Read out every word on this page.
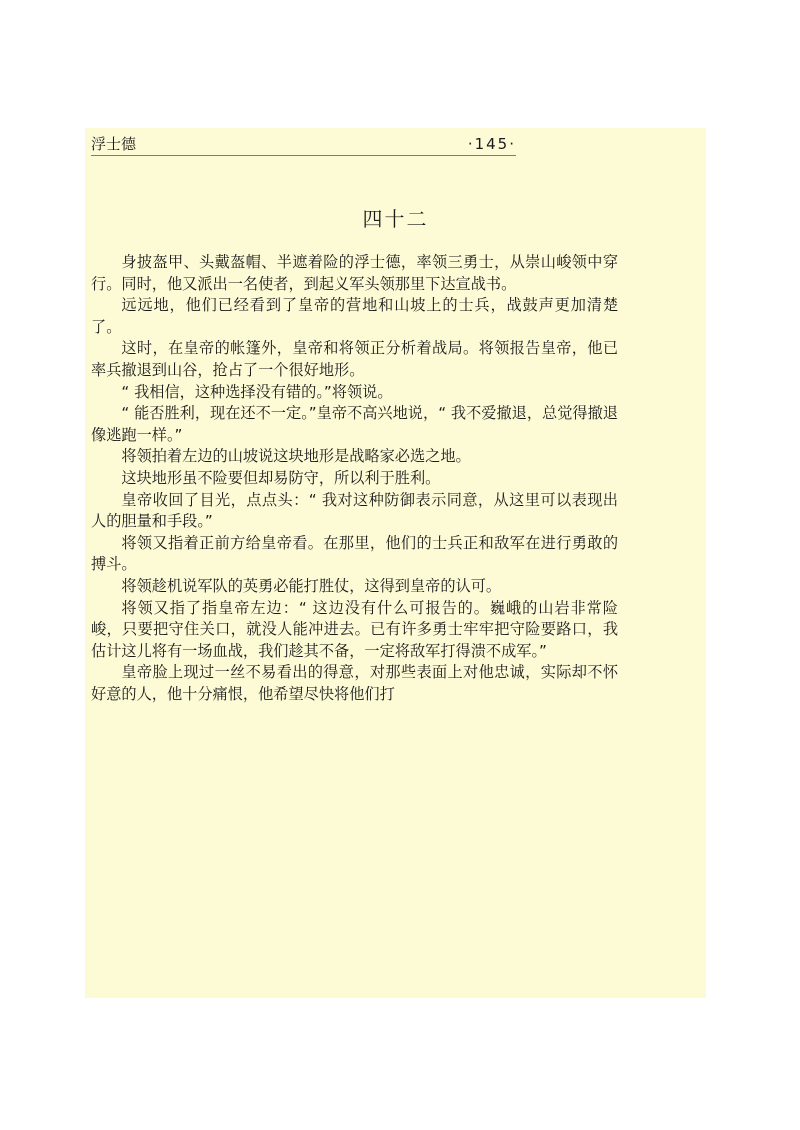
浮士德	·145·
四十二

身披盔甲、头戴盔帽、半遮着险的浮士德，率领三勇士，从崇山峻领中穿行。同时，他又派出一名使者，到起义军头领那里下达宣战书。

远远地，他们已经看到了皇帝的营地和山坡上的士兵，战鼓声更加清楚了。

这时，在皇帝的帐篷外，皇帝和将领正分析着战局。将领报告皇帝，他已率兵撤退到山谷，抢占了一个很好地形。

“ 我相信，这种选择没有错的。”将领说。

“ 能否胜利，现在还不一定。”皇帝不高兴地说，“ 我不爱撤退，总觉得撤退像逃跑一样。”

将领拍着左边的山坡说这块地形是战略家必选之地。

这块地形虽不险要但却易防守，所以利于胜利。

皇帝收回了目光，点点头：“ 我对这种防御表示同意，从这里可以表现出人的胆量和手段。”

将领又指着正前方给皇帝看。在那里，他们的士兵正和敌军在进行勇敢的搏斗。

将领趁机说军队的英勇必能打胜仗，这得到皇帝的认可。

将领又指了指皇帝左边：“ 这边没有什么可报告的。巍峨的山岩非常险峻，只要把守住关口，就没人能冲进去。已有许多勇士牢牢把守险要路口，我估计这儿将有一场血战，我们趁其不备，一定将敌军打得溃不成军。”

皇帝脸上现过一丝不易看出的得意，对那些表面上对他忠诚，实际却不怀好意的人，他十分痛恨，他希望尽快将他们打
